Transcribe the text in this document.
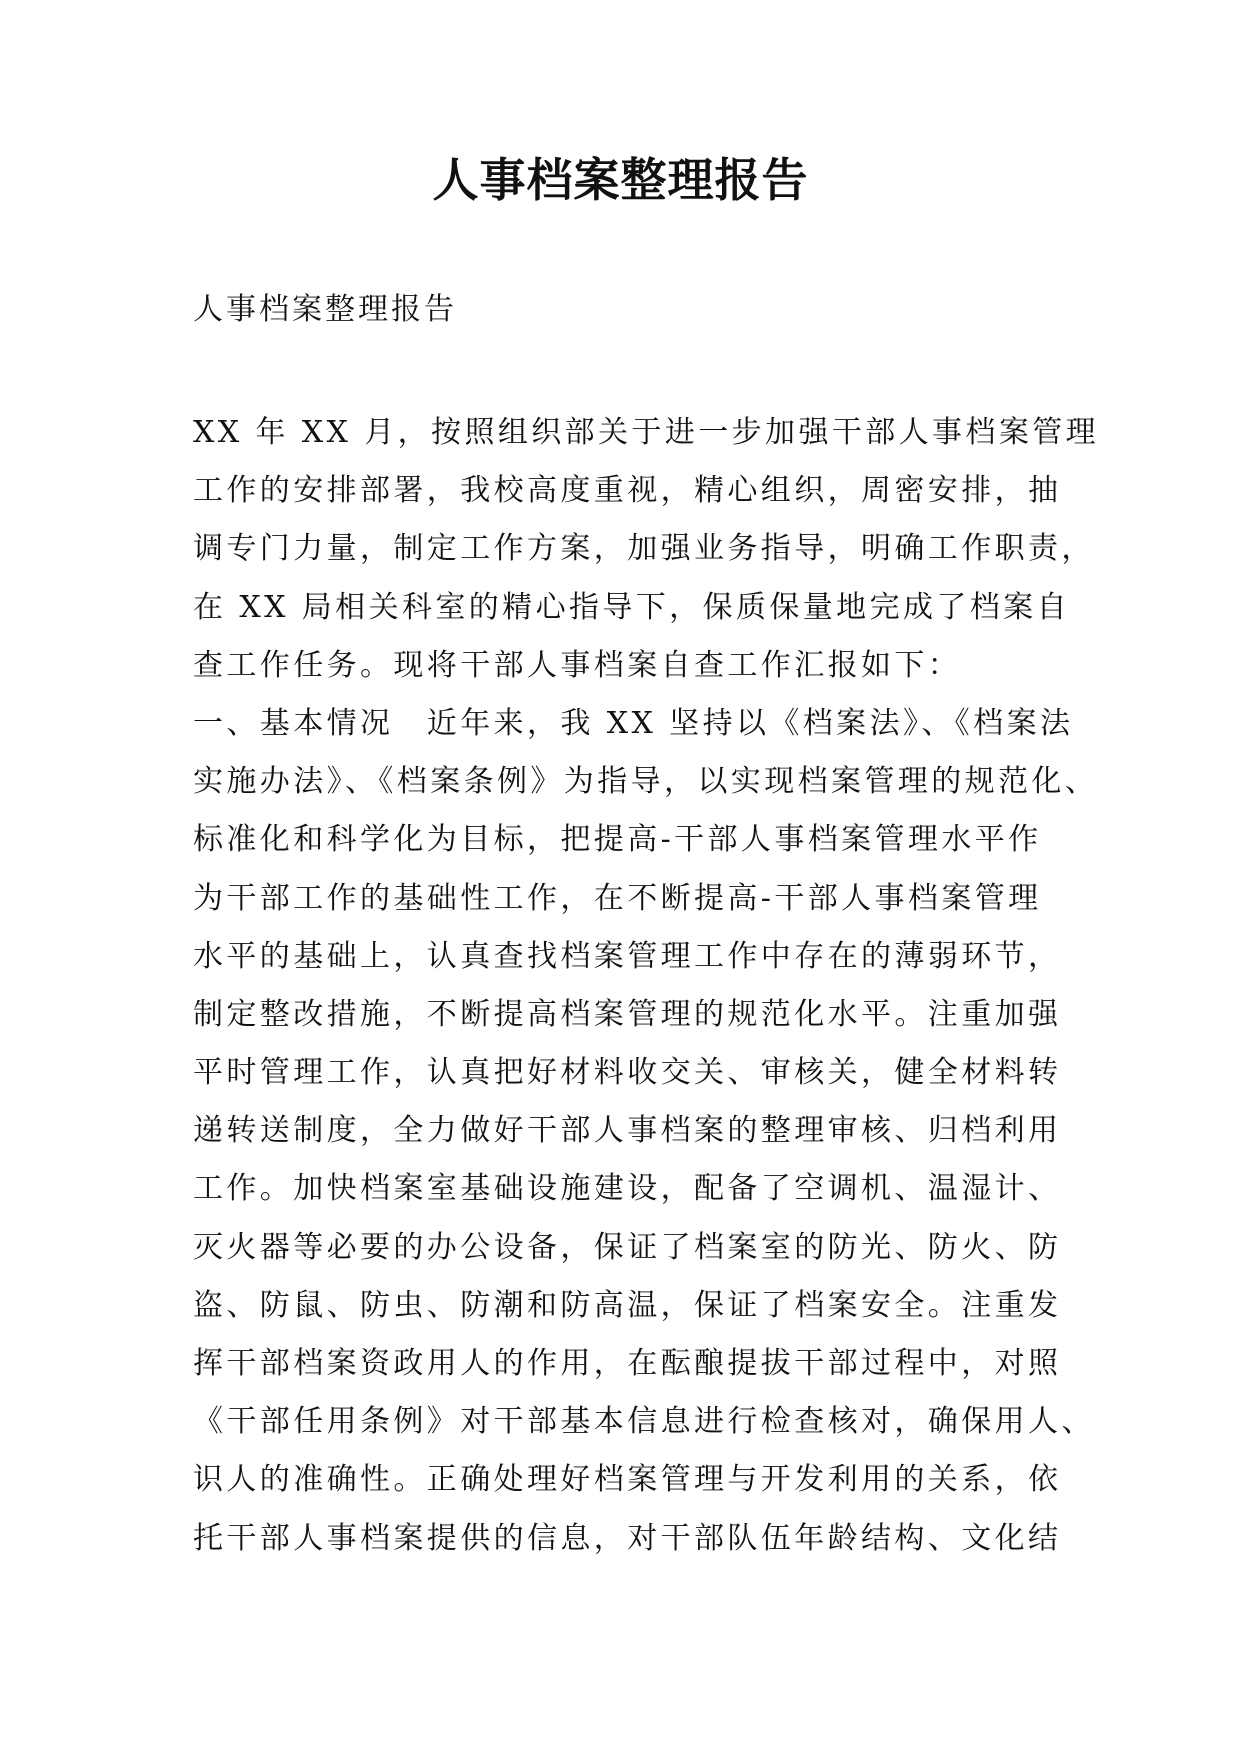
人事档案整理报告

人事档案整理报告

XX 年 XX 月，按照组织部关于进一步加强干部人事档案管理

工作的安排部署，我校高度重视，精心组织，周密安排，抽

调专门力量，制定工作方案，加强业务指导，明确工作职责，

在 XX 局相关科室的精心指导下，保质保量地完成了档案自

查工作任务。现将干部人事档案自查工作汇报如下：

一、基本情况　近年来，我 XX 坚持以《档案法》、《档案法

实施办法》、《档案条例》为指导，以实现档案管理的规范化、

标准化和科学化为目标，把提高-干部人事档案管理水平作

为干部工作的基础性工作，在不断提高-干部人事档案管理

水平的基础上，认真查找档案管理工作中存在的薄弱环节，

制定整改措施，不断提高档案管理的规范化水平。注重加强

平时管理工作，认真把好材料收交关、审核关，健全材料转

递转送制度，全力做好干部人事档案的整理审核、归档利用

工作。加快档案室基础设施建设，配备了空调机、温湿计、

灭火器等必要的办公设备，保证了档案室的防光、防火、防

盗、防鼠、防虫、防潮和防高温，保证了档案安全。注重发

挥干部档案资政用人的作用，在酝酿提拔干部过程中，对照

《干部任用条例》对干部基本信息进行检查核对，确保用人、

识人的准确性。正确处理好档案管理与开发利用的关系，依

托干部人事档案提供的信息，对干部队伍年龄结构、文化结
